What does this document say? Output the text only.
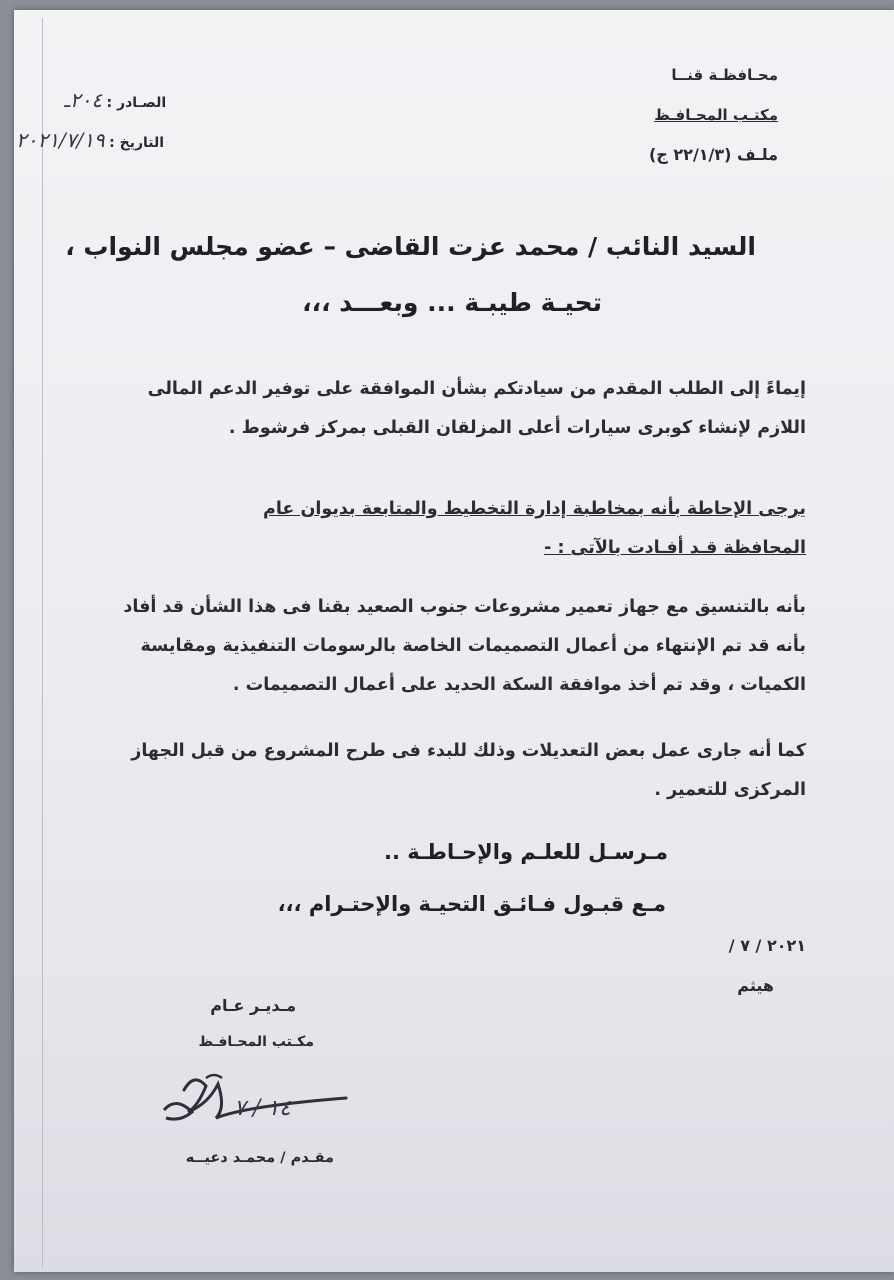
محـافظـة قنــا
مكتـب المحـافـظ
ملـف (٢٢/١/٣ ج)
الصـادر : ٢٠٤ـ
التاريخ : ٢٠٢١/٧/١٩
السيد النائب / محمد عزت القاضى – عضو مجلس النواب ،
تحيـة طيبـة ... وبعـــد ،،،
إيماءً إلى الطلب المقدم من سيادتكم بشأن الموافقة على توفير الدعم المالى
اللازم لإنشاء كوبرى سيارات أعلى المزلقان القبلى بمركز فرشوط .
يرجى الإحاطة بأنه بمخاطبة إدارة التخطيط والمتابعة بديوان عام
المحافظة قـد أفـادت بالآتى : -
بأنه بالتنسيق مع جهاز تعمير مشروعات جنوب الصعيد بقنا فى هذا الشأن قد أفاد
بأنه قد تم الإنتهاء من أعمال التصميمات الخاصة بالرسومات التنفيذية ومقايسة
الكميات ، وقد تم أخذ موافقة السكة الحديد على أعمال التصميمات .
كما أنه جارى عمل بعض التعديلات وذلك للبدء فى طرح المشروع من قبل الجهاز
المركزى للتعمير .
مـرسـل للعلـم والإحـاطـة ..
مـع قبـول فـائـق التحيـة والإحتـرام ،،،
٢٠٢١ / ٧ /
هيثم
مـديـر عـام
مكـتب المحـافـظ
١٤ / ٧
مقـدم / محمـد دعيــه
